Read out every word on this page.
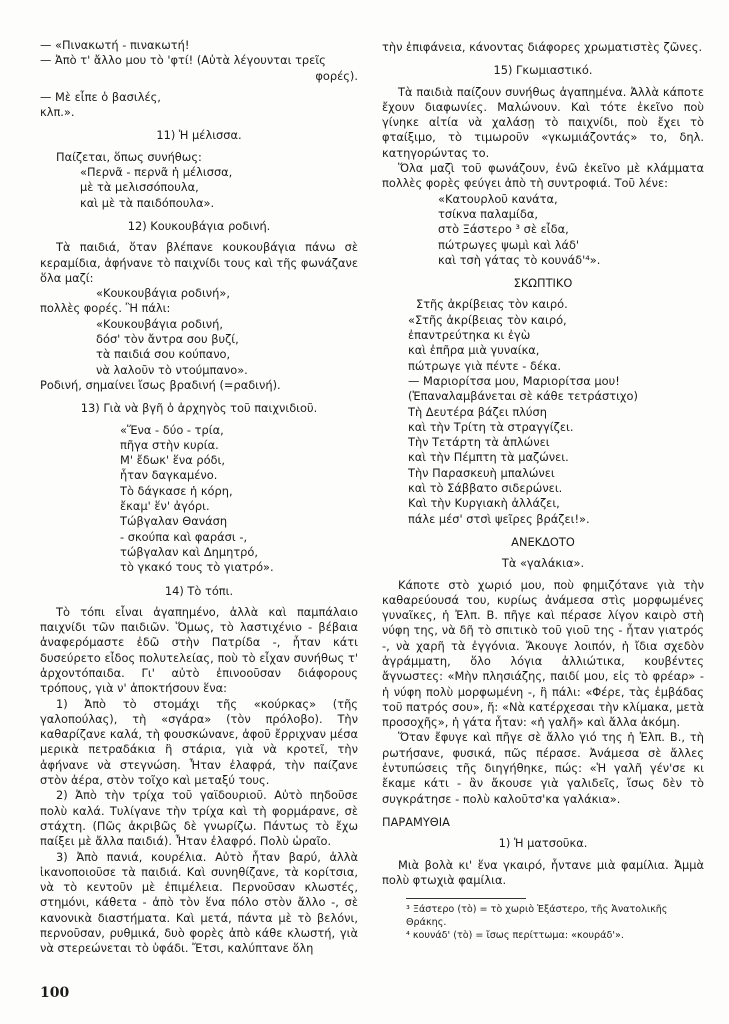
— «Πινακωτή - πινακωτή!

— Ἀπὸ τ' ἄλλο μου τὸ 'φτί! (Αὐτὰ λέγουνται τρεῖς

φορές).

— Μὲ εἶπε ὁ βασιλές,

κλπ.».

11) Ἡ μέλισσα.

Παίζεται, ὅπως συνήθως:

«Περνᾶ - περνᾶ ἡ μέλισσα,

μὲ τὰ μελισσόπουλα,

καὶ μὲ τὰ παιδόπουλα».

12) Κουκουβάγια ροδινή.

Τὰ παιδιά, ὅταν βλέπανε κουκουβάγια πάνω σὲ κεραμίδια, ἀφήνανε τὸ παιχνίδι τους καὶ τῆς φωνάζανε ὅλα μαζί:

«Κουκουβάγια ροδινή»,

πολλὲς φορές. Ἢ πάλι:

«Κουκουβάγια ροδινή,

δόσ' τὸν ἄντρα σου βυζί,

τὰ παιδιά σου κούπανο,

νὰ λαλοῦν τὸ ντούμπανο».

Ροδινή, σημαίνει ἴσως βραδινή (=ραδινή).

13) Γιὰ νὰ βγῆ ὁ ἀρχηγὸς τοῦ παιχνιδιοῦ.

«Ἕνα - δύο - τρία,

πῆγα στὴν κυρία.

Μ' ἔδωκ' ἕνα ρόδι,

ἦταν δαγκαμένο.

Τὸ δάγκασε ἡ κόρη,

ἔκαμ' ἕν' ἀγόρι.

Τώβγαλαν Θανάση

- σκούπα καὶ φαράσι -,

τώβγαλαν καὶ Δημητρό,

τὸ γκακό τους τὸ γιατρό».

14) Τὸ τόπι.

Τὸ τόπι εἶναι ἀγαπημένο, ἀλλὰ καὶ παμπάλαιο παιχνίδι τῶν παιδιῶν. Ὅμως, τὸ λαστιχένιο - βέβαια ἀναφερόμαστε ἐδῶ στὴν Πατρίδα -, ἦταν κάτι δυσεύρετο εἶδος πολυτελείας, ποὺ τὸ εἶχαν συνήθως τ' ἀρχοντόπαιδα. Γι' αὐτὸ ἐπινοοῦσαν διάφορους τρόπους, γιὰ ν' ἀποκτήσουν ἕνα:

1) Ἀπὸ τὸ στομάχι τῆς «κούρκας» (τῆς γαλοπούλας), τὴ «σγάρα» (τὸν πρόλοβο). Τὴν καθαρίζανε καλά, τὴ φουσκώνανε, ἀφοῦ ἔρριχναν μέσα μερικὰ πετραδάκια ἢ στάρια, γιὰ νὰ κροτεῖ, τὴν ἀφήνανε νὰ στεγνώση. Ἦταν ἐλαφρά, τὴν παίζανε στὸν ἀέρα, στὸν τοῖχο καὶ μεταξύ τους.

2) Ἀπὸ τὴν τρίχα τοῦ γαϊδουριοῦ. Αὐτὸ πηδοῦσε πολὺ καλά. Τυλίγανε τὴν τρίχα καὶ τὴ φορμάρανε, σὲ στάχτη. (Πῶς ἀκριβῶς δὲ γνωρίζω. Πάντως τὸ ἔχω παίξει μὲ ἄλλα παιδιά). Ἦταν ἐλαφρό. Πολὺ ὡραῖο.

3) Ἀπὸ πανιά, κουρέλια. Αὐτὸ ἦταν βαρύ, ἀλλὰ ἱκανοποιοῦσε τὰ παιδιά. Καὶ συνηθίζανε, τὰ κορίτσια, νὰ τὸ κεντοῦν μὲ ἐπιμέλεια. Περνοῦσαν κλωστές, στημόνι, κάθετα - ἀπὸ τὸν ἕνα πόλο στὸν ἄλλο -, σὲ κανονικὰ διαστήματα. Καὶ μετά, πάντα μὲ τὸ βελόνι, περνοῦσαν, ρυθμικά, δυὸ φορὲς ἀπὸ κάθε κλωστή, γιὰ νὰ στερεώνεται τὸ ὑφάδι. Ἔτσι, καλύπτανε ὅλη

τὴν ἐπιφάνεια, κάνοντας διάφορες χρωματιστὲς ζῶνες.

15) Γκωμιαστικό.

Τὰ παιδιὰ παίζουν συνήθως ἀγαπημένα. Ἀλλὰ κάποτε ἔχουν διαφωνίες. Μαλώνουν. Καὶ τότε ἐκεῖνο ποὺ γίνηκε αἰτία νὰ χαλάσῃ τὸ παιχνίδι, ποὺ ἔχει τὸ φταίξιμο, τὸ τιμωροῦν «γκωμιάζοντάς» το, δηλ. κατηγορώντας το.

Ὅλα μαζὶ τοῦ φωνάζουν, ἐνῶ ἐκεῖνο μὲ κλάμματα πολλὲς φορὲς φεύγει ἀπὸ τὴ συντροφιά. Τοῦ λένε:

«Κατουρλοῦ κανάτα,

τσίκνα παλαμίδα,

στὸ Ξάστερο ³ σὲ εἶδα,

πώτρωγες ψωμὶ καὶ λάδ'

καὶ τσὴ γάτας τὸ κουνάδ'⁴».

ΣΚΩΠΤΙΚΟ

Στῆς ἀκρίβειας τὸν καιρό.

«Στῆς ἀκρίβειας τὸν καιρό,

ἐπαντρεύτηκα κι ἐγὼ

καὶ ἐπῆρα μιὰ γυναίκα,

πώτρωγε γιὰ πέντε - δέκα.

— Μαριορίτσα μου, Μαριορίτσα μου!

(Ἐπαναλαμβάνεται σὲ κάθε τετράστιχο)

Τὴ Δευτέρα βάζει πλύση

καὶ τὴν Τρίτη τὰ στραγγίζει.

Τὴν Τετάρτη τὰ ἁπλώνει

καὶ τὴν Πέμπτη τὰ μαζώνει.

Τὴν Παρασκευὴ μπαλώνει

καὶ τὸ Σάββατο σιδερώνει.

Καὶ τὴν Κυργιακὴ ἀλλάζει,

πάλε μέσ' στσὶ ψεῖρες βράζει!».

ΑΝΕΚΔΟΤΟ

Τὰ «γαλάκια».

Κάποτε στὸ χωριό μου, ποὺ φημιζότανε γιὰ τὴν καθαρεύουσά του, κυρίως ἀνάμεσα στὶς μορφωμένες γυναῖκες, ἡ Ἐλπ. Β. πῆγε καὶ πέρασε λίγον καιρὸ στὴ νύφη της, νὰ δῆ τὸ σπιτικὸ τοῦ γιοῦ της - ἦταν γιατρός -, νὰ χαρῆ τὰ ἐγγόνια. Ἄκουγε λοιπόν, ἡ ἴδια σχεδὸν ἀγράμματη, ὅλο λόγια ἀλλιώτικα, κουβέντες ἄγνωστες: «Μὴν πλησιάζης, παιδί μου, εἰς τὸ φρέαρ» - ἡ νύφη πολὺ μορφωμένη -, ἢ πάλι: «Φέρε, τὰς ἐμβάδας τοῦ πατρός σου», ἤ: «Νὰ κατέρχεσαι τὴν κλίμακα, μετὰ προσοχῆς», ἡ γάτα ἦταν: «ἡ γαλῆ» καὶ ἄλλα ἀκόμη.

Ὅταν ἔφυγε καὶ πῆγε σὲ ἄλλο γιό της ἡ Ἐλπ. Β., τὴ ρωτήσανε, φυσικά, πῶς πέρασε. Ἀνάμεσα σὲ ἄλλες ἐντυπώσεις τῆς διηγήθηκε, πώς: «Ἡ γαλῆ γέν'σε κι ἔκαμε κάτι - ἂν ἄκουσε γιὰ γαλιδεῖς, ἴσως δὲν τὸ συγκράτησε - πολὺ καλοῦτσ'κα γαλάκια».

ΠΑΡΑΜΥΘΙΑ

1) Ἡ ματσοῦκα.

Μιὰ βολὰ κι' ἕνα γκαιρό, ἦντανε μιὰ φαμίλια. Ἀμμὰ πολὺ φτωχιὰ φαμίλια.

³ Ξάστερο (τὸ) = τὸ χωριὸ Ἐξάστερο, τῆς Ἀνατολικῆς Θράκης.

⁴ κουνάδ' (τὸ) = ἴσως περίττωμα: «κουράδ'».

100
